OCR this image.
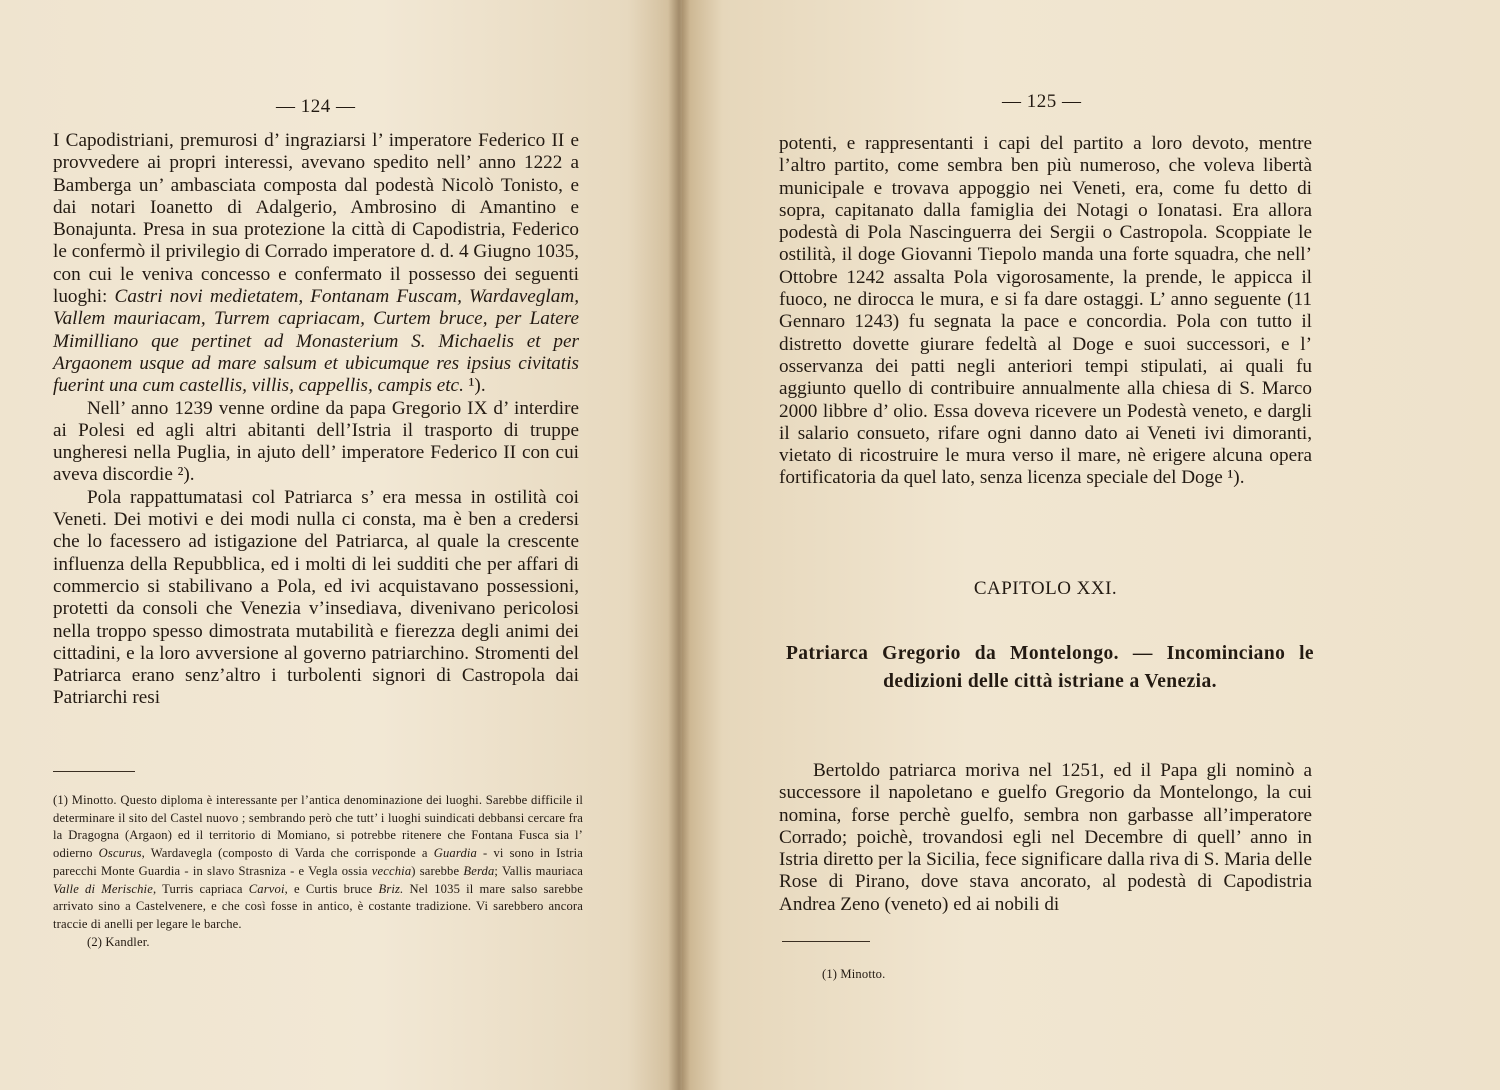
— 124 —

I Capodistriani, premurosi d’ ingraziarsi l’ imperatore Federico II e provvedere ai propri interessi, avevano spedito nell’ anno 1222 a Bamberga un’ ambasciata composta dal podestà Nicolò Tonisto, e dai notari Ioanetto di Adalgerio, Ambrosino di Amantino e Bonajunta. Presa in sua protezione la città di Capodistria, Federico le confermò il privilegio di Corrado imperatore d. d. 4 Giugno 1035, con cui le veniva concesso e confermato il possesso dei seguenti luoghi: Castri novi medietatem, Fontanam Fuscam, Wardaveglam, Vallem mauriacam, Turrem capriacam, Curtem bruce, per Latere Mimilliano que pertinet ad Monasterium S. Michaelis et per Argaonem usque ad mare salsum et ubicumque res ipsius civitatis fuerint una cum castellis, villis, cappellis, campis etc. ¹).

Nell’ anno 1239 venne ordine da papa Gregorio IX d’ interdire ai Polesi ed agli altri abitanti dell’Istria il trasporto di truppe ungheresi nella Puglia, in ajuto dell’ imperatore Federico II con cui aveva discordie ²).

Pola rappattumatasi col Patriarca s’ era messa in ostilità coi Veneti. Dei motivi e dei modi nulla ci consta, ma è ben a credersi che lo facessero ad istigazione del Patriarca, al quale la crescente influenza della Repubblica, ed i molti di lei sudditi che per affari di commercio si stabilivano a Pola, ed ivi acquistavano possessioni, protetti da consoli che Venezia v’insediava, divenivano pericolosi nella troppo spesso dimostrata mutabilità e fierezza degli animi dei cittadini, e la loro avversione al governo patriarchino. Stromenti del Patriarca erano senz’altro i turbolenti signori di Castropola dai Patriarchi resi

(1) Minotto. Questo diploma è interessante per l’antica denominazione dei luoghi. Sarebbe difficile il determinare il sito del Castel nuovo ; sembrando però che tutt’ i luoghi suindicati debbansi cercare fra la Dragogna (Argaon) ed il territorio di Momiano, si potrebbe ritenere che Fontana Fusca sia l’ odierno Oscurus, Wardavegla (composto di Varda che corrisponde a Guardia - vi sono in Istria parecchi Monte Guardia - in slavo Strasniza - e Vegla ossia vecchia) sarebbe Berda; Vallis mauriaca Valle di Merischie, Turris capriaca Carvoi, e Curtis bruce Briz. Nel 1035 il mare salso sarebbe arrivato sino a Castelvenere, e che così fosse in antico, è costante tradizione. Vi sarebbero ancora traccie di anelli per legare le barche.

(2) Kandler.

— 125 —

potenti, e rappresentanti i capi del partito a loro devoto, mentre l’altro partito, come sembra ben più numeroso, che voleva libertà municipale e trovava appoggio nei Veneti, era, come fu detto di sopra, capitanato dalla famiglia dei Notagi o Ionatasi. Era allora podestà di Pola Nascinguerra dei Sergii o Castropola. Scoppiate le ostilità, il doge Giovanni Tiepolo manda una forte squadra, che nell’ Ottobre 1242 assalta Pola vigorosamente, la prende, le appicca il fuoco, ne dirocca le mura, e si fa dare ostaggi. L’ anno seguente (11 Gennaro 1243) fu segnata la pace e concordia. Pola con tutto il distretto dovette giurare fedeltà al Doge e suoi successori, e l’ osservanza dei patti negli anteriori tempi stipulati, ai quali fu aggiunto quello di contribuire annualmente alla chiesa di S. Marco 2000 libbre d’ olio. Essa doveva ricevere un Podestà veneto, e dargli il salario consueto, rifare ogni danno dato ai Veneti ivi dimoranti, vietato di ricostruire le mura verso il mare, nè erigere alcuna opera fortificatoria da quel lato, senza licenza speciale del Doge ¹).

CAPITOLO XXI.
Patriarca Gregorio da Montelongo. — Incominciano le dedizioni delle città istriane a Venezia.

Bertoldo patriarca moriva nel 1251, ed il Papa gli nominò a successore il napoletano e guelfo Gregorio da Montelongo, la cui nomina, forse perchè guelfo, sembra non garbasse all’imperatore Corrado; poichè, trovandosi egli nel Decembre di quell’ anno in Istria diretto per la Sicilia, fece significare dalla riva di S. Maria delle Rose di Pirano, dove stava ancorato, al podestà di Capodistria Andrea Zeno (veneto) ed ai nobili di

(1) Minotto.
